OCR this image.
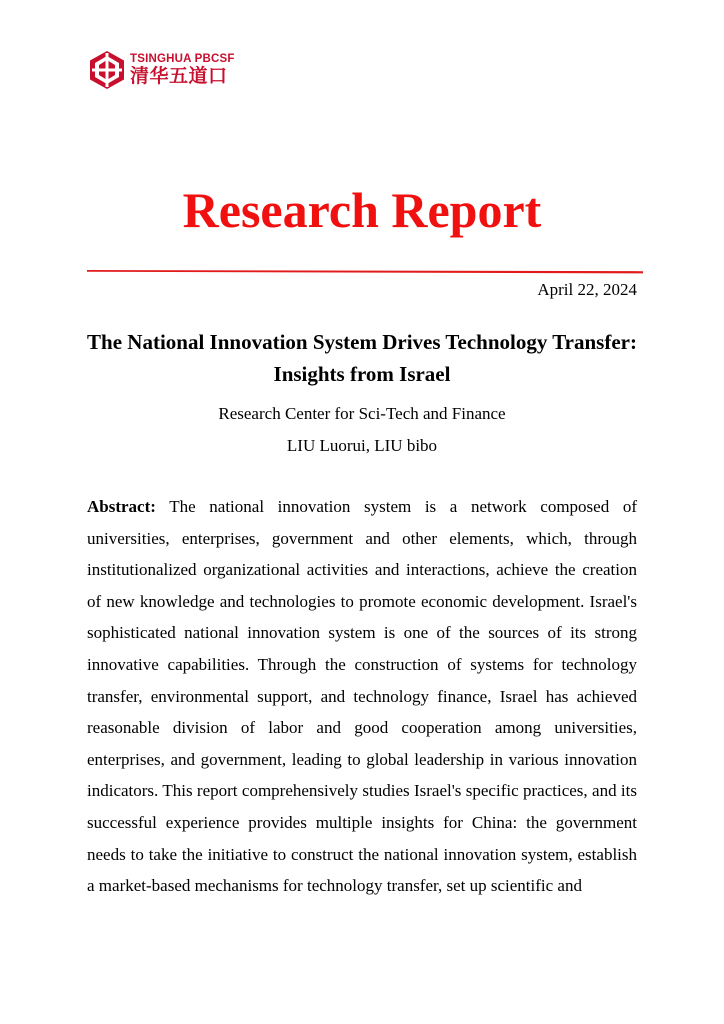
TSINGHUA PBCSF
清华五道口
Research Report
April 22, 2024
The National Innovation System Drives Technology Transfer: Insights from Israel
Research Center for Sci-Tech and Finance
LIU Luorui, LIU bibo

Abstract: The national innovation system is a network composed of universities, enterprises, government and other elements, which, through institutionalized organizational activities and interactions, achieve the creation of new knowledge and technologies to promote economic development. Israel's sophisticated national innovation system is one of the sources of its strong innovative capabilities. Through the construction of systems for technology transfer, environmental support, and technology finance, Israel has achieved reasonable division of labor and good cooperation among universities, enterprises, and government, leading to global leadership in various innovation indicators. This report comprehensively studies Israel's specific practices, and its successful experience provides multiple insights for China: the government needs to take the initiative to construct the national innovation system, establish a market-based mechanisms for technology transfer, set up scientific and
